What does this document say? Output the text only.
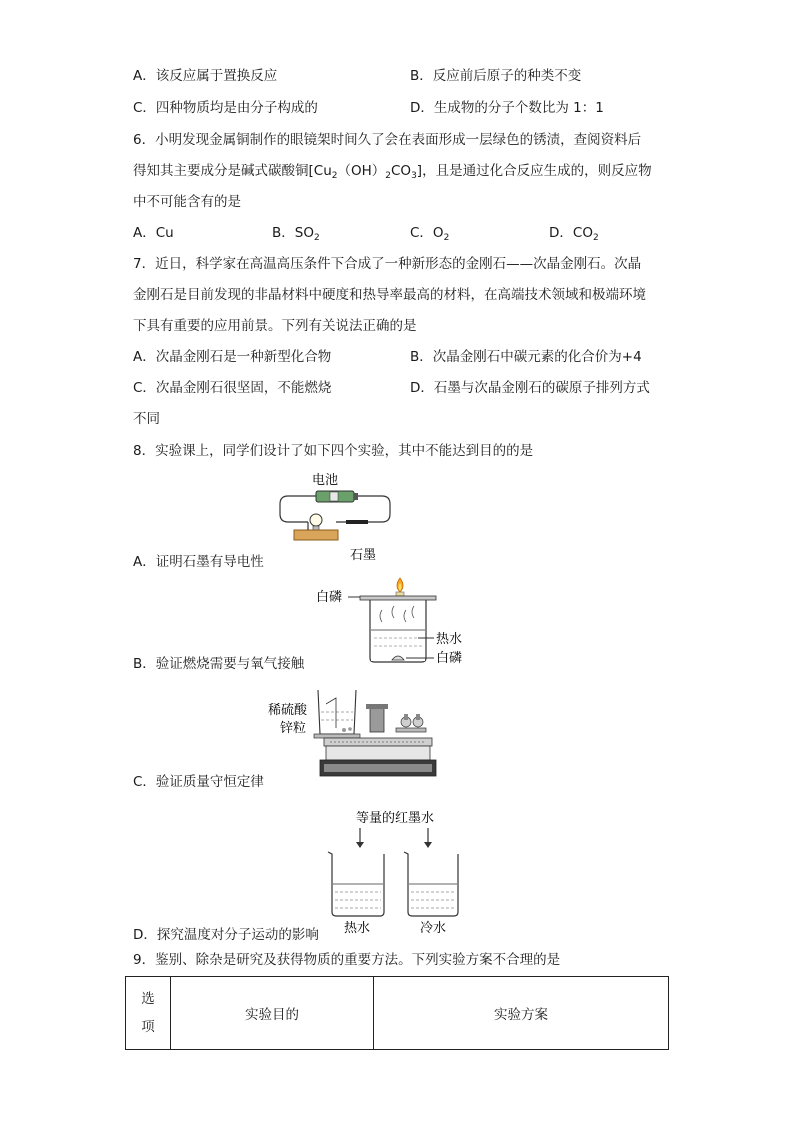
A．该反应属于置换反应	B．反应前后原子的种类不变
C．四种物质均是由分子构成的	D．生成物的分子个数比为 1：1
6．小明发现金属铜制作的眼镜架时间久了会在表面形成一层绿色的锈渍，查阅资料后
得知其主要成分是碱式碳酸铜$[Cu_2(OH)_2CO_3]$，且是通过化合反应生成的，则反应物
中不可能含有的是
A．Cu	B．$SO_2$	C．$O_2$	D．$CO_2$
7．近日，科学家在高温高压条件下合成了一种新形态的金刚石——次晶金刚石。次晶
金刚石是目前发现的非晶材料中硬度和热导率最高的材料，在高端技术领域和极端环境
下具有重要的应用前景。下列有关说法正确的是
A．次晶金刚石是一种新型化合物	B．次晶金刚石中碳元素的化合价为+4
C．次晶金刚石很坚固，不能燃烧	D．石墨与次晶金刚石的碳原子排列方式
不同
8．实验课上，同学们设计了如下四个实验，其中不能达到目的的是
电池
石墨
A．证明石墨有导电性
白磷
热水
白磷
B．验证燃烧需要与氧气接触
稀硫酸
锌粒
C．验证质量守恒定律
等量的红墨水
热水	冷水
D．探究温度对分子运动的影响
9．鉴别、除杂是研究及获得物质的重要方法。下列实验方案不合理的是
选
项
	实验目的	实验方案
